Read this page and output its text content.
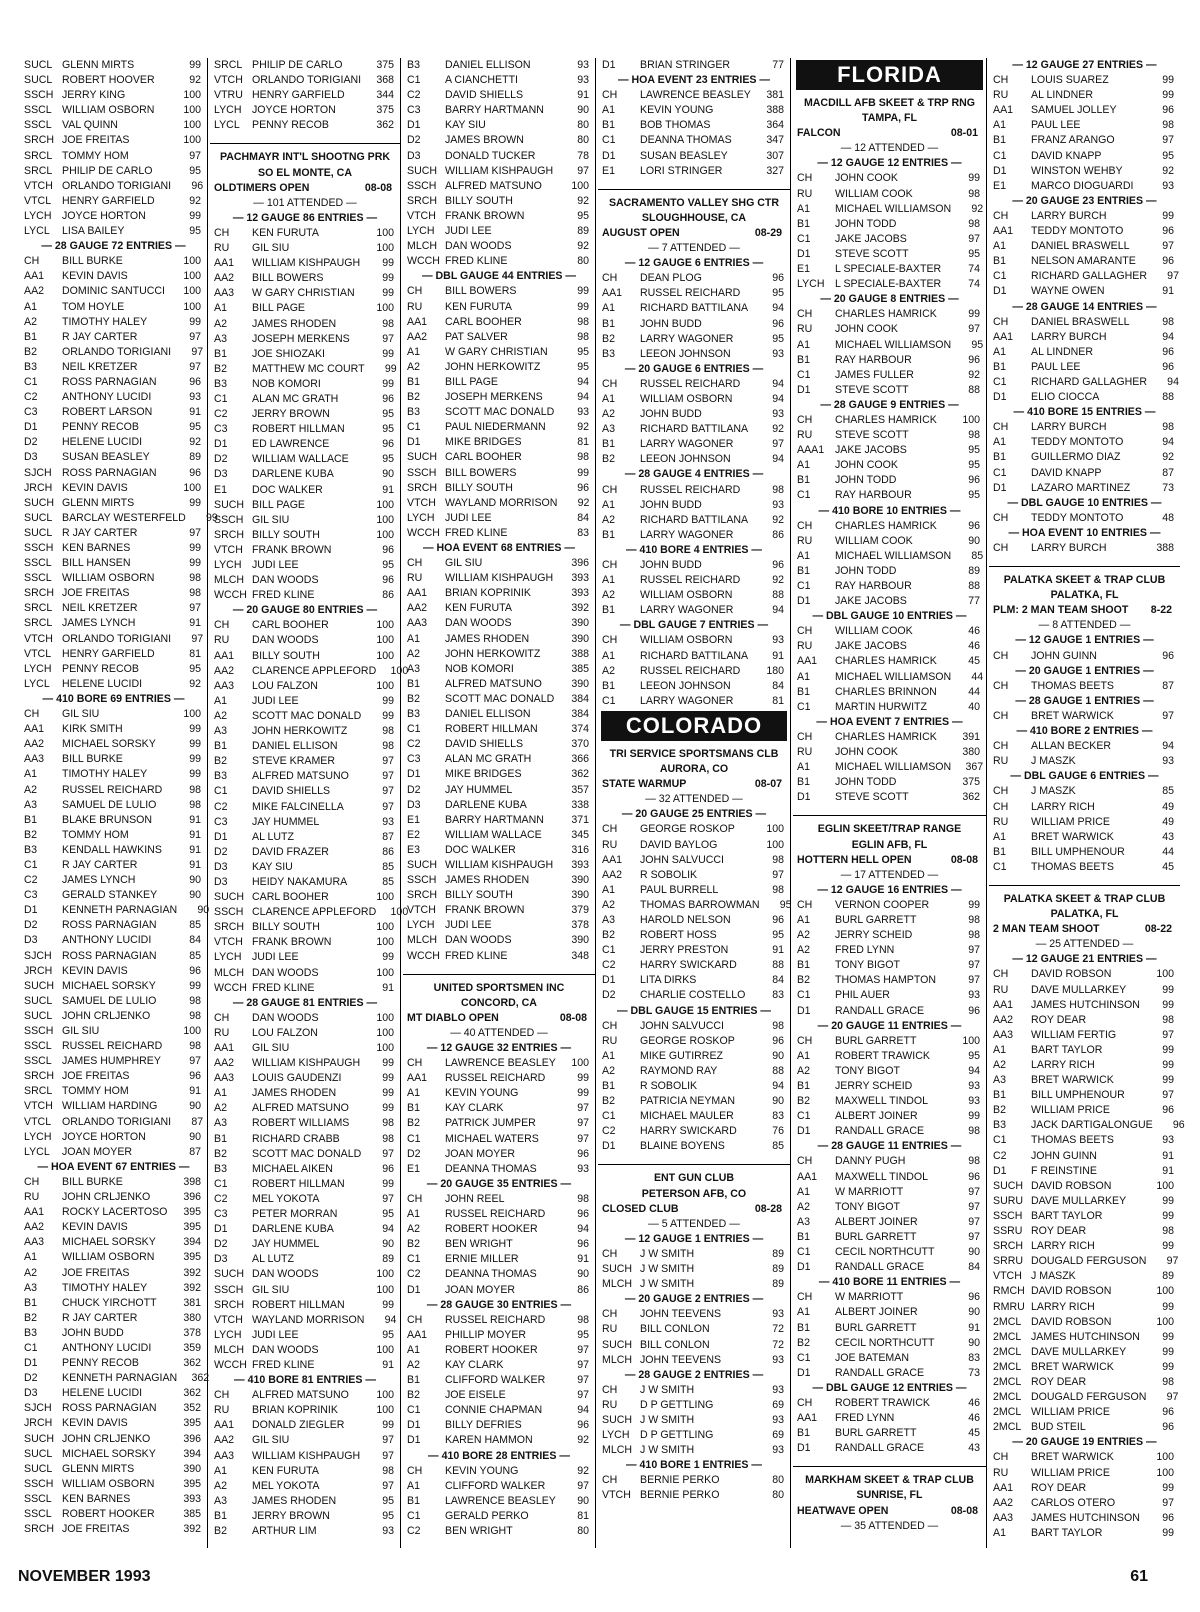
SUCL GLENN MIRTS	99
SUCL ROBERT HOOVER	92
SSCH JERRY KING	100
SSCL WILLIAM OSBORN	100
SSCL VAL QUINN	100
SRCH JOE FREITAS	100
SRCL TOMMY HOM	97
SRCL PHILIP DE CARLO	95
VTCH ORLANDO TORIGIANI	96
VTCL	HENRY GARFIELD	92
LYCH JOYCE HORTON	99
LYCL	LISA BAILEY	95
— 28 GAUGE 72 ENTRIES —
CH	BILL BURKE	100
AA1	KEVIN DAVIS	100
AA2	DOMINIC SANTUCCI	100
A1	TOM HOYLE	100
A2	TIMOTHY HALEY	99
B1	R JAY CARTER	97
B2	ORLANDO TORIGIANI	97
B3	NEIL KRETZER	97
C1	ROSS PARNAGIAN	96
C2	ANTHONY LUCIDI	93
C3	ROBERT LARSON	91
D1	PENNY RECOB	95
D2	HELENE LUCIDI	92
D3	SUSAN BEASLEY	89
SJCH ROSS PARNAGIAN	96
JRCH KEVIN DAVIS	100
SUCH GLENN MIRTS	99
SUCL BARCLAY WESTERFELD	99
SUCL R JAY CARTER	97
SSCH KEN BARNES	99
SSCL BILL HANSEN	99
SSCL WILLIAM OSBORN	98
SRCH JOE FREITAS	98
SRCL NEIL KRETZER	97
SRCL JAMES LYNCH	91
VTCH ORLANDO TORIGIANI	97
VTCL	HENRY GARFIELD	81
LYCH PENNY RECOB	95
LYCL	HELENE LUCIDI	92
— 410 BORE 69 ENTRIES —
CH	GIL SIU	100
AA1	KIRK SMITH	99
AA2	MICHAEL SORSKY	99
AA3	BILL BURKE	99
A1	TIMOTHY HALEY	99
A2	RUSSEL REICHARD	98
A3	SAMUEL DE LULIO	98
B1	BLAKE BRUNSON	91
B2	TOMMY HOM	91
B3	KENDALL HAWKINS	91
C1	R JAY CARTER	91
C2	JAMES LYNCH	90
C3	GERALD STANKEY	90
D1	KENNETH PARNAGIAN	90
D2	ROSS PARNAGIAN	85
D3	ANTHONY LUCIDI	84
SJCH ROSS PARNAGIAN	85
JRCH KEVIN DAVIS	96
SUCH MICHAEL SORSKY	99
SUCL SAMUEL DE LULIO	98
SUCL JOHN CRLJENKO	98
SSCH GIL SIU	100
SSCL RUSSEL REICHARD	98
SSCL JAMES HUMPHREY	97
SRCH JOE FREITAS	96
SRCL TOMMY HOM	91
VTCH WILLIAM HARDING	90
VTCL	ORLANDO TORIGIANI	87
LYCH JOYCE HORTON	90
LYCL	JOAN MOYER	87
— HOA EVENT 67 ENTRIES —
CH	BILL BURKE	398
RU	JOHN CRLJENKO	396
AA1	ROCKY LACERTOSO	395
AA2	KEVIN DAVIS	395
AA3	MICHAEL SORSKY	394
A1	WILLIAM OSBORN	395
A2	JOE FREITAS	392
A3	TIMOTHY HALEY	392
B1	CHUCK YIRCHOTT	381
B2	R JAY CARTER	380
B3	JOHN BUDD	378
C1	ANTHONY LUCIDI	359
D1	PENNY RECOB	362
D2	KENNETH PARNAGIAN	362
D3	HELENE LUCIDI	362
SJCH ROSS PARNAGIAN	352
JRCH KEVIN DAVIS	395
SUCH JOHN CRLJENKO	396
SUCL MICHAEL SORSKY	394
SUCL GLENN MIRTS	390
SSCH WILLIAM OSBORN	395
SSCL KEN BARNES	393
SSCL ROBERT HOOKER	385
SRCH JOE FREITAS	392
SRCL PHILIP DE CARLO	375
VTCH ORLANDO TORIGIANI	368
VTRU HENRY GARFIELD	344
LYCH JOYCE HORTON	375
LYCL	PENNY RECOB	362
PACHMAYR INT'L SHOOTNG PRK
SO EL MONTE, CA
OLDTIMERS OPEN	08-08
— 101 ATTENDED —
— 12 GAUGE 86 ENTRIES —
CH	KEN FURUTA	100
RU	GIL SIU	100
AA1	WILLIAM KISHPAUGH	99
AA2	BILL BOWERS	99
AA3	W GARY CHRISTIAN	99
A1	BILL PAGE	100
A2	JAMES RHODEN	98
A3	JOSEPH MERKENS	97
B1	JOE SHIOZAKI	99
B2	MATTHEW MC COURT	99
B3	NOB KOMORI	99
C1	ALAN MC GRATH	96
C2	JERRY BROWN	95
C3	ROBERT HILLMAN	95
D1	ED LAWRENCE	96
D2	WILLIAM WALLACE	95
D3	DARLENE KUBA	90
E1	DOC WALKER	91
SUCH BILL PAGE	100
SSCH GIL SIU	100
SRCH BILLY SOUTH	100
VTCH FRANK BROWN	96
LYCH JUDI LEE	95
MLCH DAN WOODS	96
WCCH FRED KLINE	86
— 20 GAUGE 80 ENTRIES —
CH	CARL BOOHER	100
RU	DAN WOODS	100
AA1	BILLY SOUTH	100
AA2	CLARENCE APPLEFORD	100
AA3	LOU FALZON	100
A1	JUDI LEE	99
A2	SCOTT MAC DONALD	99
A3	JOHN HERKOWITZ	98
B1	DANIEL ELLISON	98
B2	STEVE KRAMER	97
B3	ALFRED MATSUNO	97
C1	DAVID SHIELLS	97
C2	MIKE FALCINELLA	97
C3	JAY HUMMEL	93
D1	AL LUTZ	87
D2	DAVID FRAZER	86
D3	KAY SIU	85
D3	HEIDY NAKAMURA	85
SUCH CARL BOOHER	100
SSCH CLARENCE APPLEFORD	100
SRCH BILLY SOUTH	100
VTCH FRANK BROWN	100
LYCH JUDI LEE	99
MLCH DAN WOODS	100
WCCH FRED KLINE	91
— 28 GAUGE 81 ENTRIES —
CH	DAN WOODS	100
RU	LOU FALZON	100
AA1	GIL SIU	100
AA2	WILLIAM KISHPAUGH	99
AA3	LOUIS GAUDENZI	99
A1	JAMES RHODEN	99
A2	ALFRED MATSUNO	99
A3	ROBERT WILLIAMS	98
B1	RICHARD CRABB	98
B2	SCOTT MAC DONALD	97
B3	MICHAEL AIKEN	96
C1	ROBERT HILLMAN	99
C2	MEL YOKOTA	97
C3	PETER MORRAN	95
D1	DARLENE KUBA	94
D2	JAY HUMMEL	90
D3	AL LUTZ	89
SUCH DAN WOODS	100
SSCH GIL SIU	100
SRCH ROBERT HILLMAN	99
VTCH WAYLAND MORRISON	94
LYCH JUDI LEE	95
MLCH DAN WOODS	100
WCCH FRED KLINE	91
— 410 BORE 81 ENTRIES —
CH	ALFRED MATSUNO	100
RU	BRIAN KOPRINIK	100
AA1	DONALD ZIEGLER	99
AA2	GIL SIU	97
AA3	WILLIAM KISHPAUGH	97
A1	KEN FURUTA	98
A2	MEL YOKOTA	97
A3	JAMES RHODEN	95
B1	JERRY BROWN	95
B2	ARTHUR LIM	93
B3	DANIEL ELLISON	93
C1	A CIANCHETTI	93
C2	DAVID SHIELLS	91
C3	BARRY HARTMANN	90
D1	KAY SIU	80
D2	JAMES BROWN	80
D3	DONALD TUCKER	78
SUCH WILLIAM KISHPAUGH	97
SSCH ALFRED MATSUNO	100
SRCH BILLY SOUTH	92
VTCH FRANK BROWN	95
LYCH JUDI LEE	89
MLCH DAN WOODS	92
WCCH FRED KLINE	80
— DBL GAUGE 44 ENTRIES —
CH	BILL BOWERS	99
RU	KEN FURUTA	99
AA1	CARL BOOHER	98
AA2	PAT SALVER	98
A1	W GARY CHRISTIAN	95
A2	JOHN HERKOWITZ	95
B1	BILL PAGE	94
B2	JOSEPH MERKENS	94
B3	SCOTT MAC DONALD	93
C1	PAUL NIEDERMANN	92
D1	MIKE BRIDGES	81
SUCH CARL BOOHER	98
SSCH BILL BOWERS	99
SRCH BILLY SOUTH	96
VTCH WAYLAND MORRISON	92
LYCH JUDI LEE	84
WCCH FRED KLINE	83
— HOA EVENT 68 ENTRIES —
CH	GIL SIU	396
RU	WILLIAM KISHPAUGH	393
AA1	BRIAN KOPRINIK	393
AA2	KEN FURUTA	392
AA3	DAN WOODS	390
A1	JAMES RHODEN	390
A2	JOHN HERKOWITZ	388
A3	NOB KOMORI	385
B1	ALFRED MATSUNO	390
B2	SCOTT MAC DONALD	384
B3	DANIEL ELLISON	384
C1	ROBERT HILLMAN	374
C2	DAVID SHIELLS	370
C3	ALAN MC GRATH	366
D1	MIKE BRIDGES	362
D2	JAY HUMMEL	357
D3	DARLENE KUBA	338
E1	BARRY HARTMANN	371
E2	WILLIAM WALLACE	345
E3	DOC WALKER	316
SUCH WILLIAM KISHPAUGH	393
SSCH JAMES RHODEN	390
SRCH BILLY SOUTH	390
VTCH FRANK BROWN	379
LYCH JUDI LEE	378
MLCH DAN WOODS	390
WCCH FRED KLINE	348
UNITED SPORTSMEN INC
CONCORD, CA
MT DIABLO OPEN	08-08
— 40 ATTENDED —
— 12 GAUGE 32 ENTRIES —
CH	LAWRENCE BEASLEY	100
AA1	RUSSEL REICHARD	99
A1	KEVIN YOUNG	99
B1	KAY CLARK	97
B2	PATRICK JUMPER	97
C1	MICHAEL WATERS	97
D2	JOAN MOYER	96
E1	DEANNA THOMAS	93
— 20 GAUGE 35 ENTRIES —
CH	JOHN REEL	98
A1	RUSSEL REICHARD	96
A2	ROBERT HOOKER	94
B2	BEN WRIGHT	96
C1	ERNIE MILLER	91
C2	DEANNA THOMAS	90
D1	JOAN MOYER	86
— 28 GAUGE 30 ENTRIES —
CH	RUSSEL REICHARD	98
AA1	PHILLIP MOYER	95
A1	ROBERT HOOKER	97
A2	KAY CLARK	97
B1	CLIFFORD WALKER	97
B2	JOE EISELE	97
C1	CONNIE CHAPMAN	94
D1	BILLY DEFRIES	96
D1	KAREN HAMMON	92
— 410 BORE 28 ENTRIES —
CH	KEVIN YOUNG	92
A1	CLIFFORD WALKER	97
B1	LAWRENCE BEASLEY	90
C1	GERALD PERKO	81
C2	BEN WRIGHT	80
D1	BRIAN STRINGER	77
— HOA EVENT 23 ENTRIES —
CH	LAWRENCE BEASLEY	381
A1	KEVIN YOUNG	388
B1	BOB THOMAS	364
C1	DEANNA THOMAS	347
D1	SUSAN BEASLEY	307
E1	LORI STRINGER	327
SACRAMENTO VALLEY SHG CTR
SLOUGHHOUSE, CA
AUGUST OPEN	08-29
— 7 ATTENDED —
— 12 GAUGE 6 ENTRIES —
CH	DEAN PLOG	96
AA1	RUSSEL REICHARD	95
A1	RICHARD BATTILANA	94
B1	JOHN BUDD	96
B2	LARRY WAGONER	95
B3	LEEON JOHNSON	93
— 20 GAUGE 6 ENTRIES —
CH	RUSSEL REICHARD	94
A1	WILLIAM OSBORN	94
A2	JOHN BUDD	93
A3	RICHARD BATTILANA	92
B1	LARRY WAGONER	97
B2	LEEON JOHNSON	94
— 28 GAUGE 4 ENTRIES —
CH	RUSSEL REICHARD	98
A1	JOHN BUDD	93
A2	RICHARD BATTILANA	92
B1	LARRY WAGONER	86
— 410 BORE 4 ENTRIES —
CH	JOHN BUDD	96
A1	RUSSEL REICHARD	92
A2	WILLIAM OSBORN	88
B1	LARRY WAGONER	94
— DBL GAUGE 7 ENTRIES —
CH	WILLIAM OSBORN	93
A1	RICHARD BATTILANA	91
A2	RUSSEL REICHARD	180
B1	LEEON JOHNSON	84
C1	LARRY WAGONER	81
COLORADO
TRI SERVICE SPORTSMANS CLB
AURORA, CO
STATE WARMUP	08-07
— 32 ATTENDED —
— 20 GAUGE 25 ENTRIES —
CH	GEORGE ROSKOP	100
RU	DAVID BAYLOG	100
AA1	JOHN SALVUCCI	98
AA2	R SOBOLIK	97
A1	PAUL BURRELL	98
A2	THOMAS BARROWMAN	95
A3	HAROLD NELSON	96
B2	ROBERT HOSS	95
C1	JERRY PRESTON	91
C2	HARRY SWICKARD	88
D1	LITA DIRKS	84
D2	CHARLIE COSTELLO	83
— DBL GAUGE 15 ENTRIES —
CH	JOHN SALVUCCI	98
RU	GEORGE ROSKOP	96
A1	MIKE GUTIRREZ	90
A2	RAYMOND RAY	88
B1	R SOBOLIK	94
B2	PATRICIA NEYMAN	90
C1	MICHAEL MAULER	83
C2	HARRY SWICKARD	76
D1	BLAINE BOYENS	85
ENT GUN CLUB
PETERSON AFB, CO
CLOSED CLUB	08-28
— 5 ATTENDED —
— 12 GAUGE 1 ENTRIES —
CH	J W SMITH	89
SUCH J W SMITH	89
MLCH J W SMITH	89
— 20 GAUGE 2 ENTRIES —
CH	JOHN TEEVENS	93
RU	BILL CONLON	72
SUCH BILL CONLON	72
MLCH JOHN TEEVENS	93
— 28 GAUGE 2 ENTRIES —
CH	J W SMITH	93
RU	D P GETTLING	69
SUCH J W SMITH	93
LYCH D P GETTLING	69
MLCH J W SMITH	93
— 410 BORE 1 ENTRIES —
CH	BERNIE PERKO	80
VTCH BERNIE PERKO	80
FLORIDA
MACDILL AFB SKEET & TRP RNG
TAMPA, FL
FALCON	08-01
— 12 ATTENDED —
— 12 GAUGE 12 ENTRIES —
CH	JOHN COOK	99
RU	WILLIAM COOK	98
A1	MICHAEL WILLIAMSON	92
B1	JOHN TODD	98
C1	JAKE JACOBS	97
D1	STEVE SCOTT	95
E1	L SPECIALE-BAXTER	74
LYCH L SPECIALE-BAXTER	74
— 20 GAUGE 8 ENTRIES —
CH	CHARLES HAMRICK	99
RU	JOHN COOK	97
A1	MICHAEL WILLIAMSON	95
B1	RAY HARBOUR	96
C1	JAMES FULLER	92
D1	STEVE SCOTT	88
— 28 GAUGE 9 ENTRIES —
CH	CHARLES HAMRICK	100
RU	STEVE SCOTT	98
AAA1	JAKE JACOBS	95
A1	JOHN COOK	95
B1	JOHN TODD	96
C1	RAY HARBOUR	95
— 410 BORE 10 ENTRIES —
CH	CHARLES HAMRICK	96
RU	WILLIAM COOK	90
A1	MICHAEL WILLIAMSON	85
B1	JOHN TODD	89
C1	RAY HARBOUR	88
D1	JAKE JACOBS	77
— DBL GAUGE 10 ENTRIES —
CH	WILLIAM COOK	46
RU	JAKE JACOBS	46
AA1	CHARLES HAMRICK	45
A1	MICHAEL WILLIAMSON	44
B1	CHARLES BRINNON	44
C1	MARTIN HURWITZ	40
— HOA EVENT 7 ENTRIES —
CH	CHARLES HAMRICK	391
RU	JOHN COOK	380
A1	MICHAEL WILLIAMSON	367
B1	JOHN TODD	375
D1	STEVE SCOTT	362
EGLIN SKEET/TRAP RANGE
EGLIN AFB, FL
HOTTERN HELL OPEN	08-08
— 17 ATTENDED —
— 12 GAUGE 16 ENTRIES —
CH	VERNON COOPER	99
A1	BURL GARRETT	98
A2	JERRY SCHEID	98
A2	FRED LYNN	97
B1	TONY BIGOT	97
B2	THOMAS HAMPTON	97
C1	PHIL AUER	93
D1	RANDALL GRACE	96
— 20 GAUGE 11 ENTRIES —
CH	BURL GARRETT	100
A1	ROBERT TRAWICK	95
A2	TONY BIGOT	94
B1	JERRY SCHEID	93
B2	MAXWELL TINDOL	93
C1	ALBERT JOINER	99
D1	RANDALL GRACE	98
— 28 GAUGE 11 ENTRIES —
CH	DANNY PUGH	98
AA1	MAXWELL TINDOL	96
A1	W MARRIOTT	97
A2	TONY BIGOT	97
A3	ALBERT JOINER	97
B1	BURL GARRETT	97
C1	CECIL NORTHCUTT	90
D1	RANDALL GRACE	84
— 410 BORE 11 ENTRIES —
CH	W MARRIOTT	96
A1	ALBERT JOINER	90
B1	BURL GARRETT	91
B2	CECIL NORTHCUTT	90
C1	JOE BATEMAN	83
D1	RANDALL GRACE	73
— DBL GAUGE 12 ENTRIES —
CH	ROBERT TRAWICK	46
AA1	FRED LYNN	46
B1	BURL GARRETT	45
D1	RANDALL GRACE	43
MARKHAM SKEET & TRAP CLUB
SUNRISE, FL
HEATWAVE OPEN	08-08
— 35 ATTENDED —
— 12 GAUGE 27 ENTRIES —
CH	LOUIS SUAREZ	99
RU	AL LINDNER	99
AA1	SAMUEL JOLLEY	96
A1	PAUL LEE	98
B1	FRANZ ARANGO	97
C1	DAVID KNAPP	95
D1	WINSTON WEHBY	92
E1	MARCO DIOGUARDI	93
— 20 GAUGE 23 ENTRIES —
CH	LARRY BURCH	99
AA1	TEDDY MONTOTO	96
A1	DANIEL BRASWELL	97
B1	NELSON AMARANTE	96
C1	RICHARD GALLAGHER	97
D1	WAYNE OWEN	91
— 28 GAUGE 14 ENTRIES —
CH	DANIEL BRASWELL	98
AA1	LARRY BURCH	94
A1	AL LINDNER	96
B1	PAUL LEE	96
C1	RICHARD GALLAGHER	94
D1	ELIO CIOCCA	88
— 410 BORE 15 ENTRIES —
CH	LARRY BURCH	98
A1	TEDDY MONTOTO	94
B1	GUILLERMO DIAZ	92
C1	DAVID KNAPP	87
D1	LAZARO MARTINEZ	73
— DBL GAUGE 10 ENTRIES —
CH	TEDDY MONTOTO	48
— HOA EVENT 10 ENTRIES —
CH	LARRY BURCH	388
PALATKA SKEET & TRAP CLUB
PALATKA, FL
PLM: 2 MAN TEAM SHOOT 8-22
— 8 ATTENDED —
— 12 GAUGE 1 ENTRIES —
CH	JOHN GUINN	96
— 20 GAUGE 1 ENTRIES —
CH	THOMAS BEETS	87
— 28 GAUGE 1 ENTRIES —
CH	BRET WARWICK	97
— 410 BORE 2 ENTRIES —
CH	ALLAN BECKER	94
RU	J MASZK	93
— DBL GAUGE 6 ENTRIES —
CH	J MASZK	85
CH	LARRY RICH	49
RU	WILLIAM PRICE	49
A1	BRET WARWICK	43
B1	BILL UMPHENOUR	44
C1	THOMAS BEETS	45
PALATKA SKEET & TRAP CLUB
PALATKA, FL
2 MAN TEAM SHOOT	08-22
— 25 ATTENDED —
— 12 GAUGE 21 ENTRIES —
CH	DAVID ROBSON	100
RU	DAVE MULLARKEY	99
AA1	JAMES HUTCHINSON	99
AA2	ROY DEAR	98
AA3	WILLIAM FERTIG	97
A1	BART TAYLOR	99
A2	LARRY RICH	99
A3	BRET WARWICK	99
B1	BILL UMPHENOUR	97
B2	WILLIAM PRICE	96
B3	JACK DARTIGALONGUE	96
C1	THOMAS BEETS	93
C2	JOHN GUINN	91
D1	F REINSTINE	91
SUCH DAVID ROBSON	100
SURU DAVE MULLARKEY	99
SSCH BART TAYLOR	99
SSRU ROY DEAR	98
SRCH LARRY RICH	99
SRRU DOUGALD FERGUSON	97
VTCH J MASZK	89
RMCH DAVID ROBSON	100
RMRU LARRY RICH	99
2MCL DAVID ROBSON	100
2MCL JAMES HUTCHINSON	99
2MCL DAVE MULLARKEY	99
2MCL BRET WARWICK	99
2MCL ROY DEAR	98
2MCL DOUGALD FERGUSON	97
2MCL WILLIAM PRICE	96
2MCL BUD STEIL	96
— 20 GAUGE 19 ENTRIES —
CH	BRET WARWICK	100
RU	WILLIAM PRICE	100
AA1	ROY DEAR	99
AA2	CARLOS OTERO	97
AA3	JAMES HUTCHINSON	96
A1	BART TAYLOR	99
NOVEMBER 1993	61
